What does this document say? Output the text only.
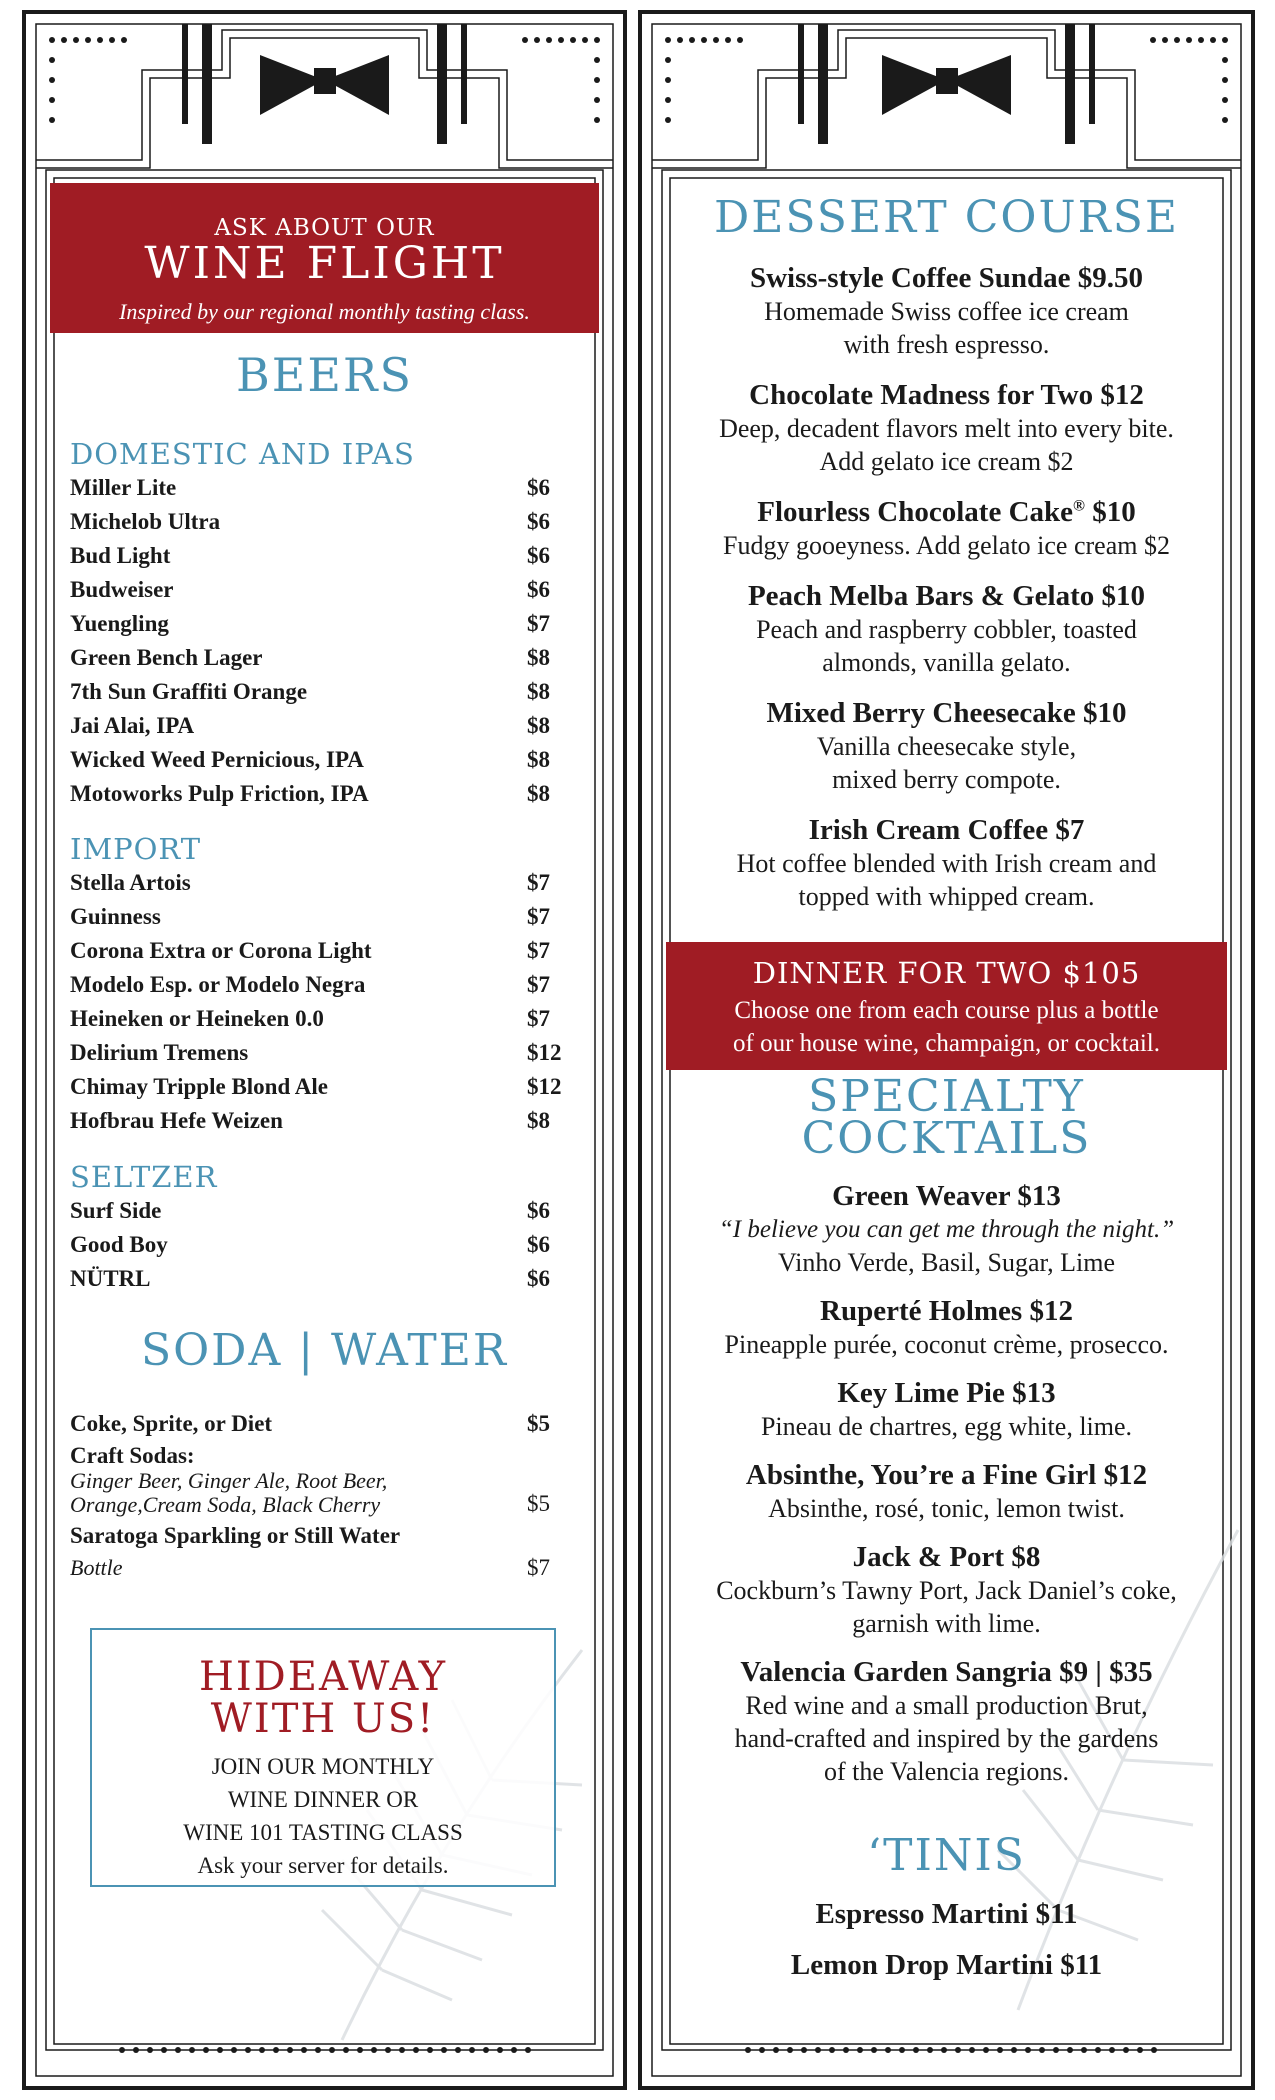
ASK ABOUT OUR
WINE FLIGHT
Inspired by our regional monthly tasting class.
BEERS
DOMESTIC AND IPAS
Miller Lite	$6
Michelob Ultra	$6
Bud Light	$6
Budweiser	$6
Yuengling	$7
Green Bench Lager	$8
7th Sun Graffiti Orange	$8
Jai Alai, IPA	$8
Wicked Weed Pernicious, IPA	$8
Motoworks Pulp Friction, IPA	$8
IMPORT
Stella Artois	$7
Guinness	$7
Corona Extra or Corona Light	$7
Modelo Esp. or Modelo Negra	$7
Heineken or Heineken 0.0	$7
Delirium Tremens	$12
Chimay Tripple Blond Ale	$12
Hofbrau Hefe Weizen	$8
SELTZER
Surf Side	$6
Good Boy	$6
NÜTRL	$6
SODA | WATER
Coke, Sprite, or Diet	$5
Craft Sodas:
Ginger Beer, Ginger Ale, Root Beer,
Orange,Cream Soda, Black Cherry	$5
Saratoga Sparkling or Still Water
Bottle	$7
HIDEAWAY
WITH US!
JOIN OUR MONTHLY
WINE DINNER OR
WINE 101 TASTING CLASS
Ask your server for details.
DESSERT COURSE
Swiss-style Coffee Sundae $9.50
Homemade Swiss coffee ice cream
with fresh espresso.
Chocolate Madness for Two $12
Deep, decadent flavors melt into every bite.
Add gelato ice cream $2
Flourless Chocolate Cake® $10
Fudgy gooeyness. Add gelato ice cream $2
Peach Melba Bars & Gelato $10
Peach and raspberry cobbler, toasted
almonds, vanilla gelato.
Mixed Berry Cheesecake $10
Vanilla cheesecake style,
mixed berry compote.
Irish Cream Coffee $7
Hot coffee blended with Irish cream and
topped with whipped cream.
DINNER FOR TWO $105
Choose one from each course plus a bottle
of our house wine, champaign, or cocktail.
SPECIALTY
COCKTAILS
Green Weaver $13
“I believe you can get me through the night.”
Vinho Verde, Basil, Sugar, Lime
Ruperté Holmes $12
Pineapple purée, coconut crème, prosecco.
Key Lime Pie $13
Pineau de chartres, egg white, lime.
Absinthe, You’re a Fine Girl $12
Absinthe, rosé, tonic, lemon twist.
Jack & Port $8
Cockburn’s Tawny Port, Jack Daniel’s coke,
garnish with lime.
Valencia Garden Sangria $9 | $35
Red wine and a small production Brut,
hand-crafted and inspired by the gardens
of the Valencia regions.
‘TINIS
Espresso Martini $11
Lemon Drop Martini $11
